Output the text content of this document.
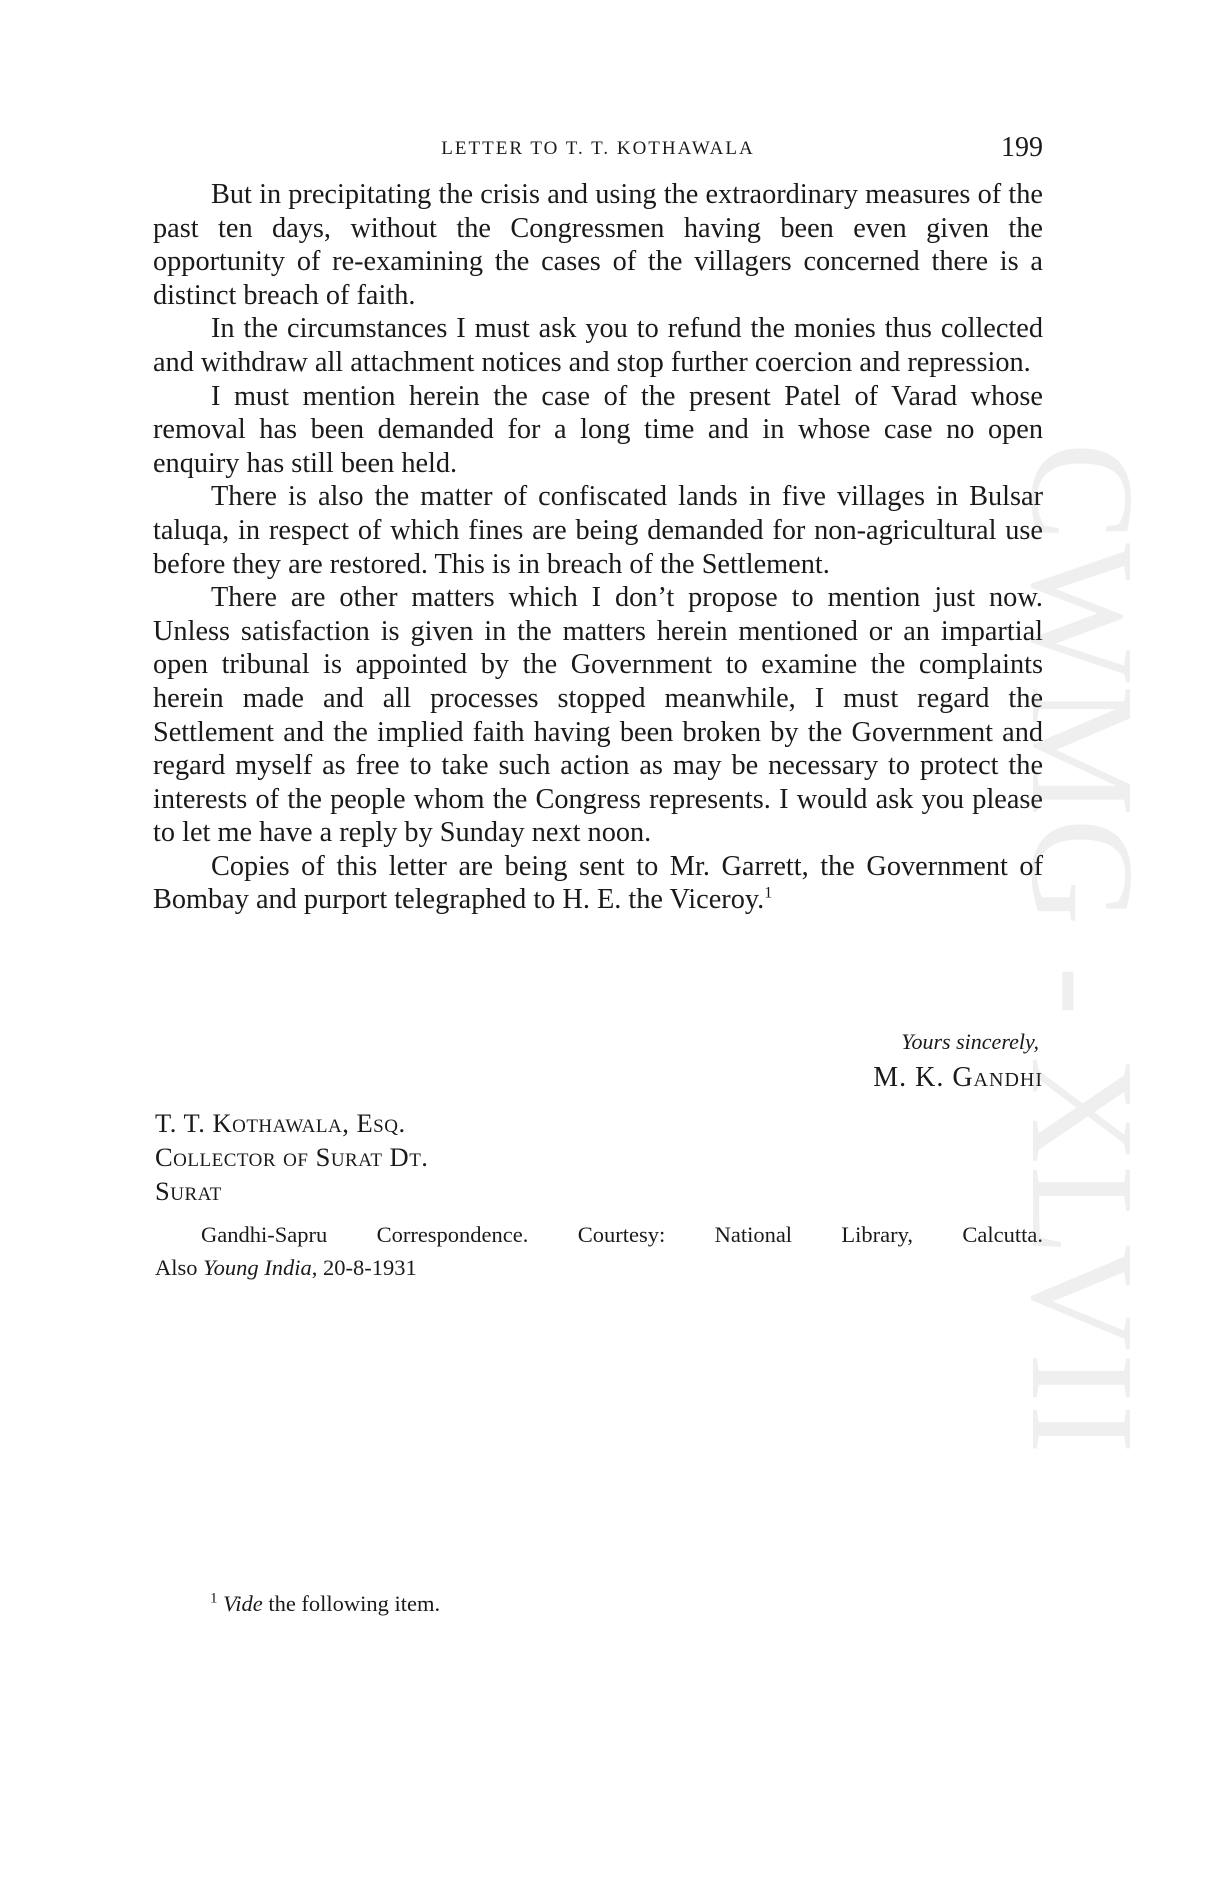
LETTER TO T. T. KOTHAWALA	199

But in precipitating the crisis and using the extraordinary measures of the past ten days, without the Congressmen having been even given the opportunity of re-examining the cases of the villagers concerned there is a distinct breach of faith.

In the circumstances I must ask you to refund the monies thus collected and withdraw all attachment notices and stop further coercion and repression.

I must mention herein the case of the present Patel of Varad whose removal has been demanded for a long time and in whose case no open enquiry has still been held.

There is also the matter of confiscated lands in five villages in Bulsar taluqa, in respect of which fines are being demanded for non-agricultural use before they are restored. This is in breach of the Settlement.

There are other matters which I don’t propose to mention just now. Unless satisfaction is given in the matters herein mentioned or an impartial open tribunal is appointed by the Government to examine the complaints herein made and all processes stopped meanwhile, I must regard the Settlement and the implied faith having been broken by the Government and regard myself as free to take such action as may be necessary to protect the interests of the people whom the Congress represents. I would ask you please to let me have a reply by Sunday next noon.

Copies of this letter are being sent to Mr. Garrett, the Government of Bombay and purport telegraphed to H. E. the Viceroy.$^1$

Yours sincerely,
M. K. Gandhi
T. T. Kothawala, Esq.
Collector of Surat Dt.
Surat
Gandhi-Sapru Correspondence. Courtesy: National Library, Calcutta.
Also Young India, 20-8-1931
$^1$ Vide the following item.
CWMG - XLVII
